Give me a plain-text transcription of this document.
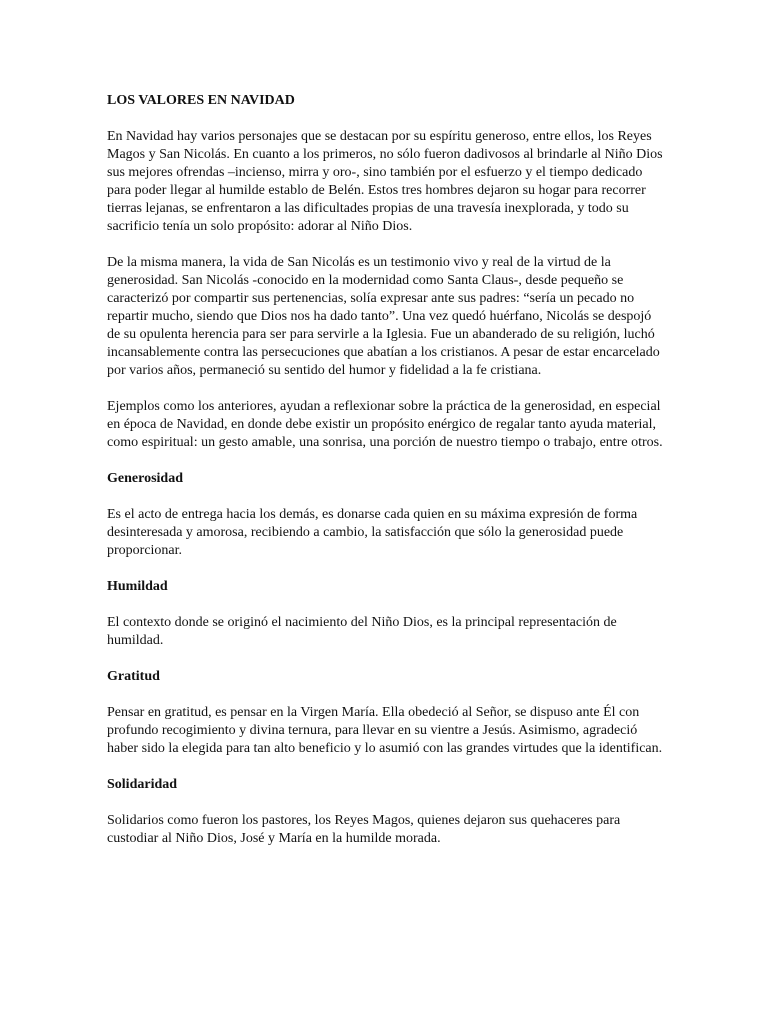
LOS VALORES EN NAVIDAD

En Navidad hay varios personajes que se destacan por su espíritu generoso, entre ellos, los Reyes Magos y San Nicolás. En cuanto a los primeros, no sólo fueron dadivosos al brindarle al Niño Dios sus mejores ofrendas –incienso, mirra y oro-, sino también por el esfuerzo y el tiempo dedicado para poder llegar al humilde establo de Belén. Estos tres hombres dejaron su hogar para recorrer tierras lejanas, se enfrentaron a las dificultades propias de una travesía inexplorada, y todo su sacrificio tenía un solo propósito: adorar al Niño Dios.

De la misma manera, la vida de San Nicolás es un testimonio vivo y real de la virtud de la generosidad. San Nicolás -conocido en la modernidad como Santa Claus-, desde pequeño se caracterizó por compartir sus pertenencias, solía expresar ante sus padres: “sería un pecado no repartir mucho, siendo que Dios nos ha dado tanto”. Una vez quedó huérfano, Nicolás se despojó de su opulenta herencia para ser para servirle a la Iglesia. Fue un abanderado de su religión, luchó incansablemente contra las persecuciones que abatían a los cristianos. A pesar de estar encarcelado por varios años, permaneció su sentido del humor y fidelidad a la fe cristiana.

Ejemplos como los anteriores, ayudan a reflexionar sobre la práctica de la generosidad, en especial en época de Navidad, en donde debe existir un propósito enérgico de regalar tanto ayuda material, como espiritual: un gesto amable, una sonrisa, una porción de nuestro tiempo o trabajo, entre otros.

Generosidad

Es el acto de entrega hacia los demás, es donarse cada quien en su máxima expresión de forma desinteresada y amorosa, recibiendo a cambio, la satisfacción que sólo la generosidad puede proporcionar.

Humildad

El contexto donde se originó el nacimiento del Niño Dios, es la principal representación de humildad.

Gratitud

Pensar en gratitud, es pensar en la Virgen María. Ella obedeció al Señor, se dispuso ante Él con profundo recogimiento y divina ternura, para llevar en su vientre a Jesús. Asimismo, agradeció haber sido la elegida para tan alto beneficio y lo asumió con las grandes virtudes que la identifican.

Solidaridad

Solidarios como fueron los pastores, los Reyes Magos, quienes dejaron sus quehaceres para custodiar al Niño Dios, José y María en la humilde morada.
